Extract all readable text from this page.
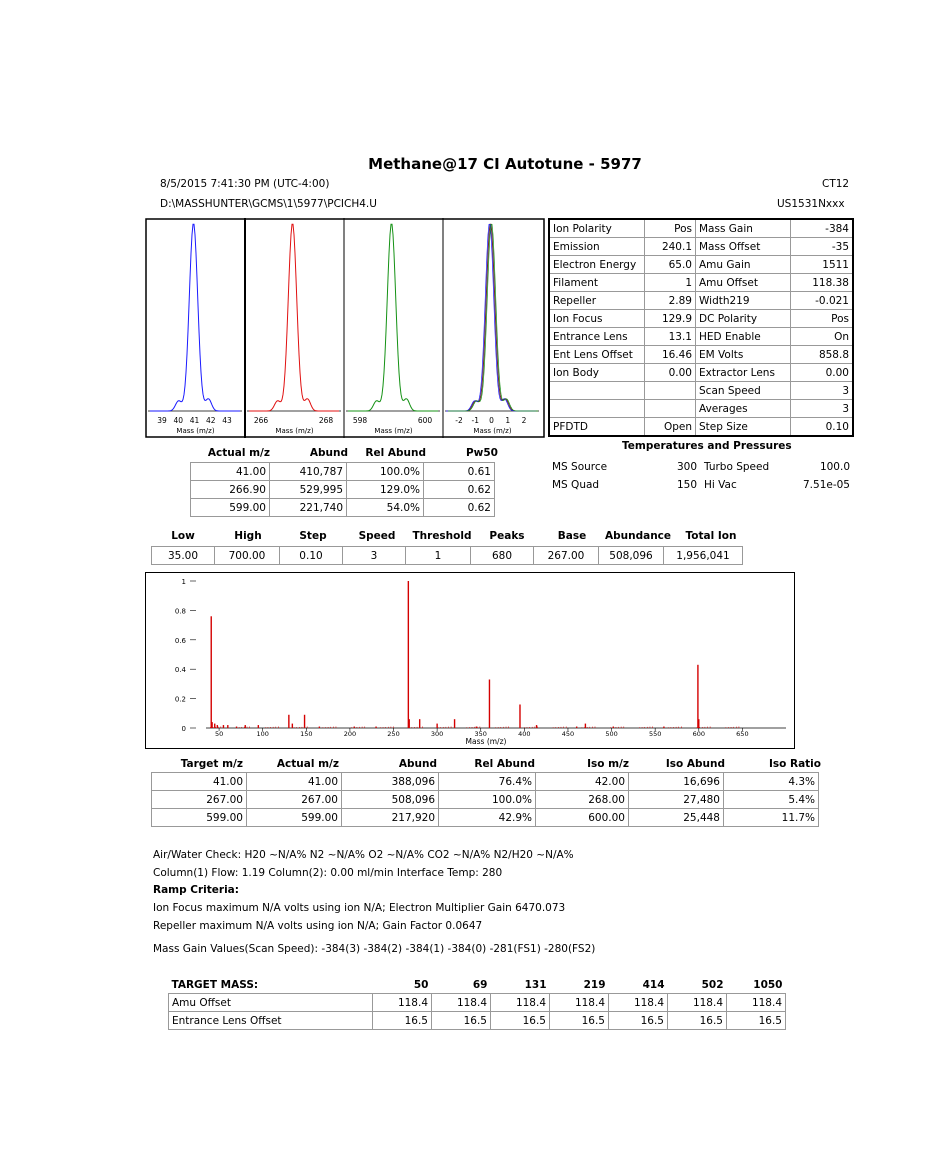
Methane@17 CI Autotune - 5977
8/5/2015 7:41:30 PM (UTC-4:00)
D:\MASSHUNTER\GCMS\1\5977\PCICH4.U
CT12
US1531Nxxx
39 40 41 42 43
Mass (m/z)
266	268
Mass (m/z)
598	600
Mass (m/z)
-2 -1 0 1 2
Mass (m/z)
Ion Polarity	Pos	Mass Gain	-384
Emission	240.1	Mass Offset	-35
Electron Energy	65.0	Amu Gain	1511
Filament	1	Amu Offset	118.38
Repeller	2.89	Width219	-0.021
Ion Focus	129.9	DC Polarity	Pos
Entrance Lens	13.1	HED Enable	On
Ent Lens Offset	16.46	EM Volts	858.8
Ion Body	0.00	Extractor Lens	0.00
		Scan Speed	3
		Averages	3
PFDTD	Open	Step Size	0.10
Temperatures and Pressures
41.00	410,787	100.0%	0.61
266.90	529,995	129.0%	0.62
599.00	221,740	54.0%	0.62
35.00	700.00	0.10	3	1	680	267.00	508,096	1,956,041
1
0.8
0.6
0.4
0.2
0
50	100	150	200	250	300	350	400	450	500	550	600	650
Mass (m/z)
41.00	41.00	388,096	76.4%	42.00	16,696	4.3%
267.00	267.00	508,096	100.0%	268.00	27,480	5.4%
599.00	599.00	217,920	42.9%	600.00	25,448	11.7%
Air/Water Check: H20 ~N/A% N2 ~N/A% O2 ~N/A% CO2 ~N/A% N2/H20 ~N/A%
Column(1) Flow: 1.19 Column(2): 0.00 ml/min Interface Temp: 280
Ramp Criteria:
Ion Focus maximum N/A volts using ion N/A; Electron Multiplier Gain 6470.073
Repeller maximum N/A volts using ion N/A; Gain Factor 0.0647
Mass Gain Values(Scan Speed): -384(3) -384(2) -384(1) -384(0) -281(FS1) -280(FS2)
TARGET MASS:	50	69	131	219	414	502	1050
Amu Offset	118.4	118.4	118.4	118.4	118.4	118.4	118.4
Entrance Lens Offset	16.5	16.5	16.5	16.5	16.5	16.5	16.5
MS Source	300 Turbo Speed	100.0
MS Quad	150 Hi Vac	7.51e-05
Actual m/z	Abund	Rel Abund	Pw50
Low	High	Step	Speed	Threshold	Peaks	Base	Abundance	Total Ion
Target m/z	Actual m/z	Abund	Rel Abund	Iso m/z	Iso Abund	Iso Ratio
